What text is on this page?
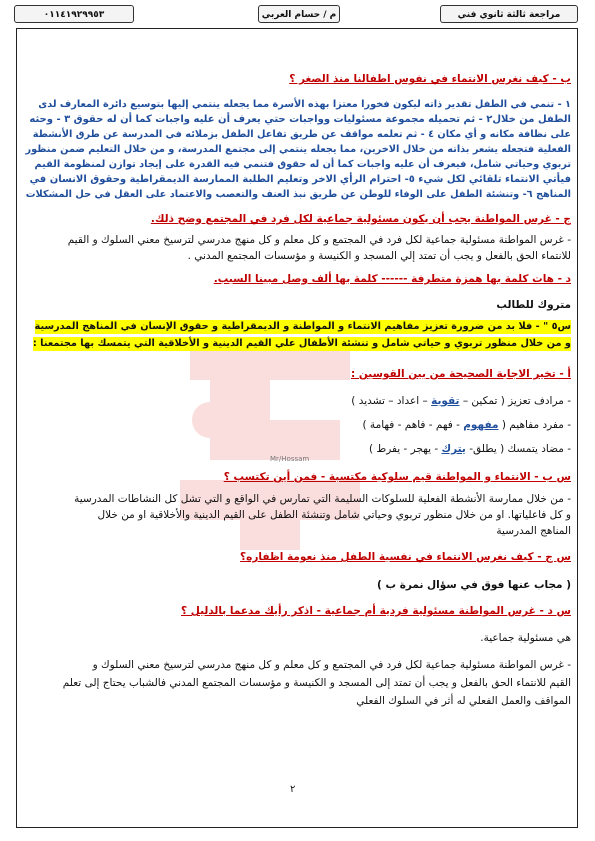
مراجعة ثالثة ثانوي فني
م / حسام العربي
٠١١٤١٩٢٩٩٥٣
Mr/Hossam
ب - كيف نغرس الانتماء في نفوس اطفالنا منذ الصغر ؟
١ - تنمي في الطفل تقدير ذاته ليكون فخورا معتزا بهذه الأسرة مما يجعله ينتمي إليها بتوسيع دائرة المعارف لدى
الطفل من خلال٢ - ثم تحميله مجموعة مسئوليات وواجبات حتي يعرف أن عليه واجبات كما أن له حقوق ٣ - وحثه
على نظافة مكانه و أي مكان ٤ - ثم تعلمه مواقف عن طريق تفاعل الطفل بزملائه في المدرسة عن طرق الأنشطة
الفعلية فتجعله يشعر بذاته من خلال الاخرين، مما يجعله ينتمي إلى مجتمع المدرسة، و من خلال التعليم ضمن منظور
تربوي وحياتي شامل، فيعرف أن عليه واجبات كما أن له حقوق فتنمي فيه القدرة على إيجاد توازن لمنظومة القيم
فيأتي الانتماء تلقائي لكل شيء ٥- احترام الرأي الاخر وتعليم الطلبة الممارسة الديمقراطية وحقوق الانسان في
المناهج ٦- وتنشئة الطفل على الوفاء للوطن عن طريق نبذ العنف والتعصب والاعتماد على العقل في حل المشكلات
ج - غرس المواطنة يجب أن يكون مسئولية جماعية لكل فرد في المجتمع وضح ذلك.
- غرس المواطنة مسئولية جماعية لكل فرد في المجتمع و كل معلم و كل منهج مدرسي لترسيخ معني السلوك و القيم
للانتماء الحق بالفعل و يجب أن تمتد إلي المسجد و الكنيسة و مؤسسات المجتمع المدني .
د - هات كلمة بها همزة متطرفة ------ كلمة بها ألف وصل مبينا السبب.
متروك للطالب
س٥ " - فلا بد من ضرورة تعزيز مفاهيم الانتماء و المواطنة و الديمقراطية و حقوق الإنسان في المناهج المدرسية
و من خلال منظور تربوي و حياتي شامل و تنشئة الأطفال علي القيم الدينية و الأخلاقية التي يتمسك بها مجتمعنا :
أ - تخير الاجابة الصحيحة من بين القوسين :
- مرادف تعزيز ( تمكين – تقوية – اعداد – تشديد )
- مفرد مفاهيم ( مفهوم - فهم - فاهم - فهامة )
- مضاد يتمسك ( يطلق- يترك - يهجر - يفرط )
س ب - الانتماء و المواطنة قيم سلوكية مكتسبة - فمن أين تكتسب ؟
- من خلال ممارسة الأنشطة الفعلية للسلوكات السليمة التي تمارس في الواقع و التي تشل كل النشاطات المدرسية
و كل فاعلياتها. او من خلال منظور تربوي وحياتي شامل وتنشئة الطفل على القيم الدينية والأخلاقية او من خلال
المناهج المدرسية
س ج - كيف نغرس الانتماء في نفسية الطفل منذ نعومة اظفاره؟
( مجاب عنها فوق في سؤال نمرة ب )
س د - غرس المواطنة مسئولية فردية أم جماعية - اذكر رأيك مدعما بالدليل ؟
هي مسئولية جماعية.
- غرس المواطنة مسئولية جماعية لكل فرد في المجتمع و كل معلم و كل منهج مدرسي لترسيخ معني السلوك و
القيم للانتماء الحق بالفعل و يجب أن تمتد إلى المسجد و الكنيسة و مؤسسات المجتمع المدني فالشباب يحتاج إلى تعلم
المواقف والعمل الفعلي له أثر في السلوك الفعلي
٢
